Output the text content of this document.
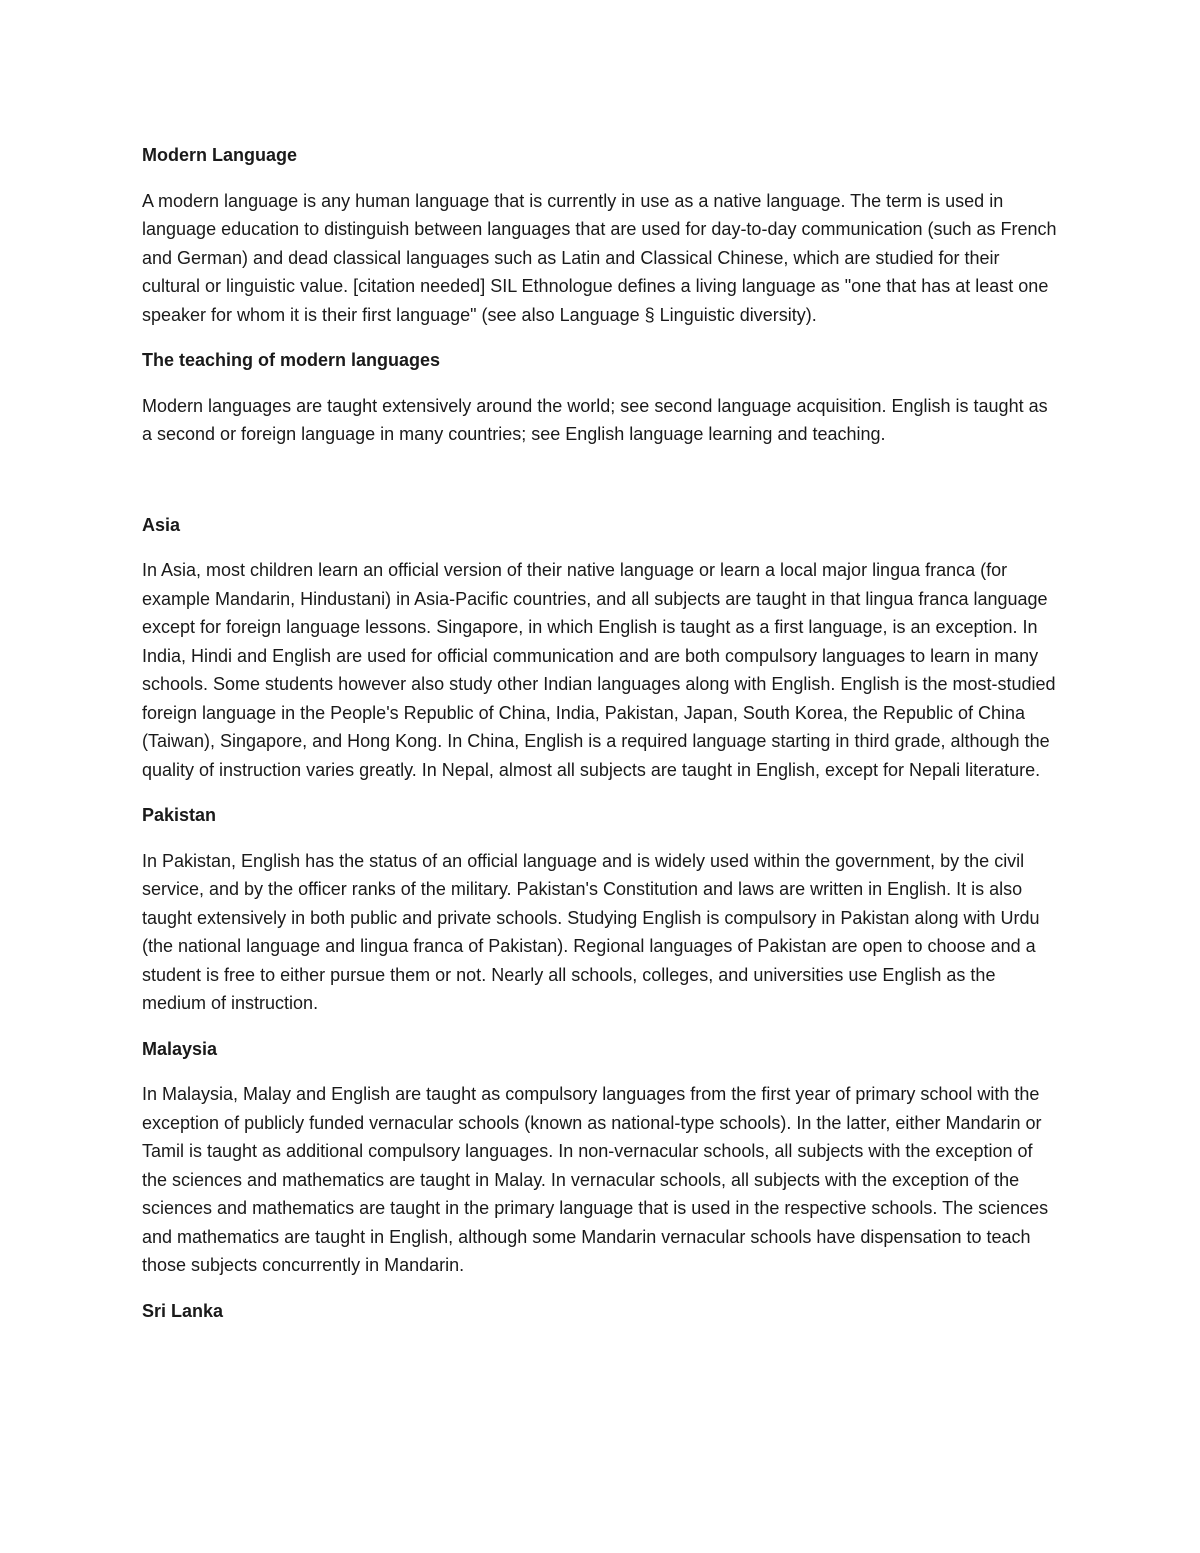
Modern Language

A modern language is any human language that is currently in use as a native language. The term is used in language education to distinguish between languages that are used for day-to-day communication (such as French and German) and dead classical languages such as Latin and Classical Chinese, which are studied for their cultural or linguistic value. [citation needed] SIL Ethnologue defines a living language as "one that has at least one speaker for whom it is their first language" (see also Language § Linguistic diversity).

The teaching of modern languages

Modern languages are taught extensively around the world; see second language acquisition. English is taught as a second or foreign language in many countries; see English language learning and teaching.

Asia

In Asia, most children learn an official version of their native language or learn a local major lingua franca (for example Mandarin, Hindustani) in Asia-Pacific countries, and all subjects are taught in that lingua franca language except for foreign language lessons. Singapore, in which English is taught as a first language, is an exception. In India, Hindi and English are used for official communication and are both compulsory languages to learn in many schools. Some students however also study other Indian languages along with English. English is the most-studied foreign language in the People's Republic of China, India, Pakistan, Japan, South Korea, the Republic of China (Taiwan), Singapore, and Hong Kong. In China, English is a required language starting in third grade, although the quality of instruction varies greatly. In Nepal, almost all subjects are taught in English, except for Nepali literature.

Pakistan

In Pakistan, English has the status of an official language and is widely used within the government, by the civil service, and by the officer ranks of the military. Pakistan's Constitution and laws are written in English. It is also taught extensively in both public and private schools. Studying English is compulsory in Pakistan along with Urdu (the national language and lingua franca of Pakistan). Regional languages of Pakistan are open to choose and a student is free to either pursue them or not. Nearly all schools, colleges, and universities use English as the medium of instruction.

Malaysia

In Malaysia, Malay and English are taught as compulsory languages from the first year of primary school with the exception of publicly funded vernacular schools (known as national-type schools). In the latter, either Mandarin or Tamil is taught as additional compulsory languages. In non-vernacular schools, all subjects with the exception of the sciences and mathematics are taught in Malay. In vernacular schools, all subjects with the exception of the sciences and mathematics are taught in the primary language that is used in the respective schools. The sciences and mathematics are taught in English, although some Mandarin vernacular schools have dispensation to teach those subjects concurrently in Mandarin.

Sri Lanka
